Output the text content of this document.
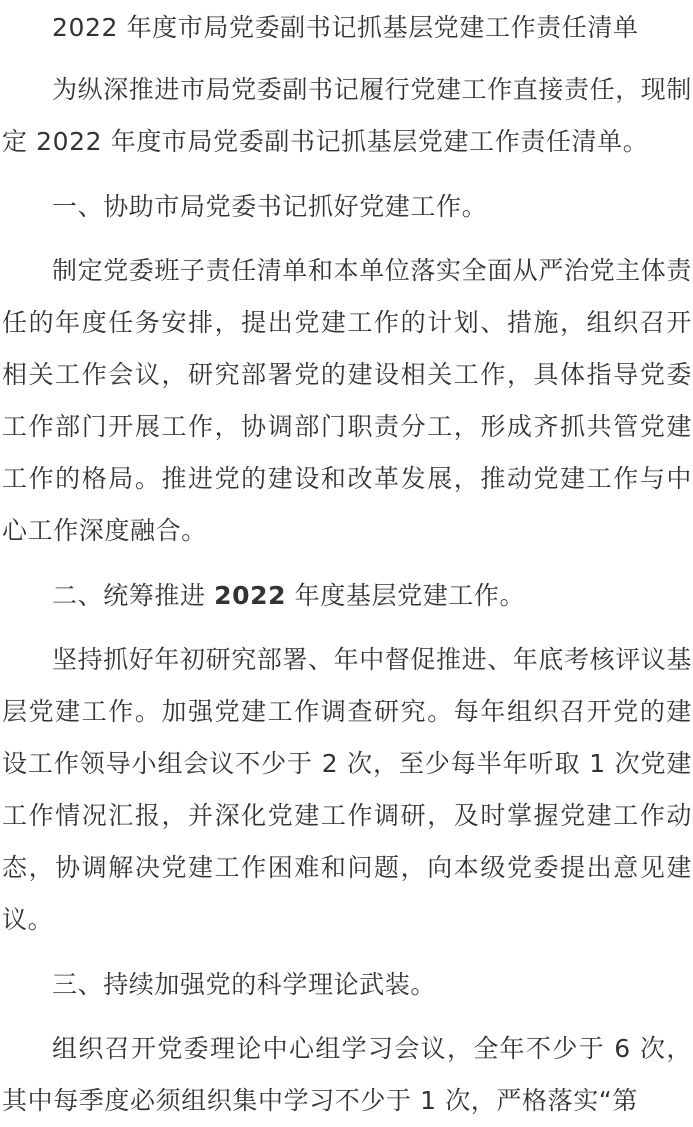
2022 年度市局党委副书记抓基层党建工作责任清单

为纵深推进市局党委副书记履行党建工作直接责任，现制定 2022 年度市局党委副书记抓基层党建工作责任清单。

一、协助市局党委书记抓好党建工作。

制定党委班子责任清单和本单位落实全面从严治党主体责任的年度任务安排，提出党建工作的计划、措施，组织召开相关工作会议，研究部署党的建设相关工作，具体指导党委工作部门开展工作，协调部门职责分工，形成齐抓共管党建工作的格局。推进党的建设和改革发展，推动党建工作与中心工作深度融合。

二、统筹推进 2022 年度基层党建工作。

坚持抓好年初研究部署、年中督促推进、年底考核评议基层党建工作。加强党建工作调查研究。每年组织召开党的建设工作领导小组会议不少于 2 次，至少每半年听取 1 次党建工作情况汇报，并深化党建工作调研，及时掌握党建工作动态，协调解决党建工作困难和问题，向本级党委提出意见建议。

三、持续加强党的科学理论武装。

组织召开党委理论中心组学习会议，全年不少于 6 次，其中每季度必须组织集中学习不少于 1 次，严格落实“第
